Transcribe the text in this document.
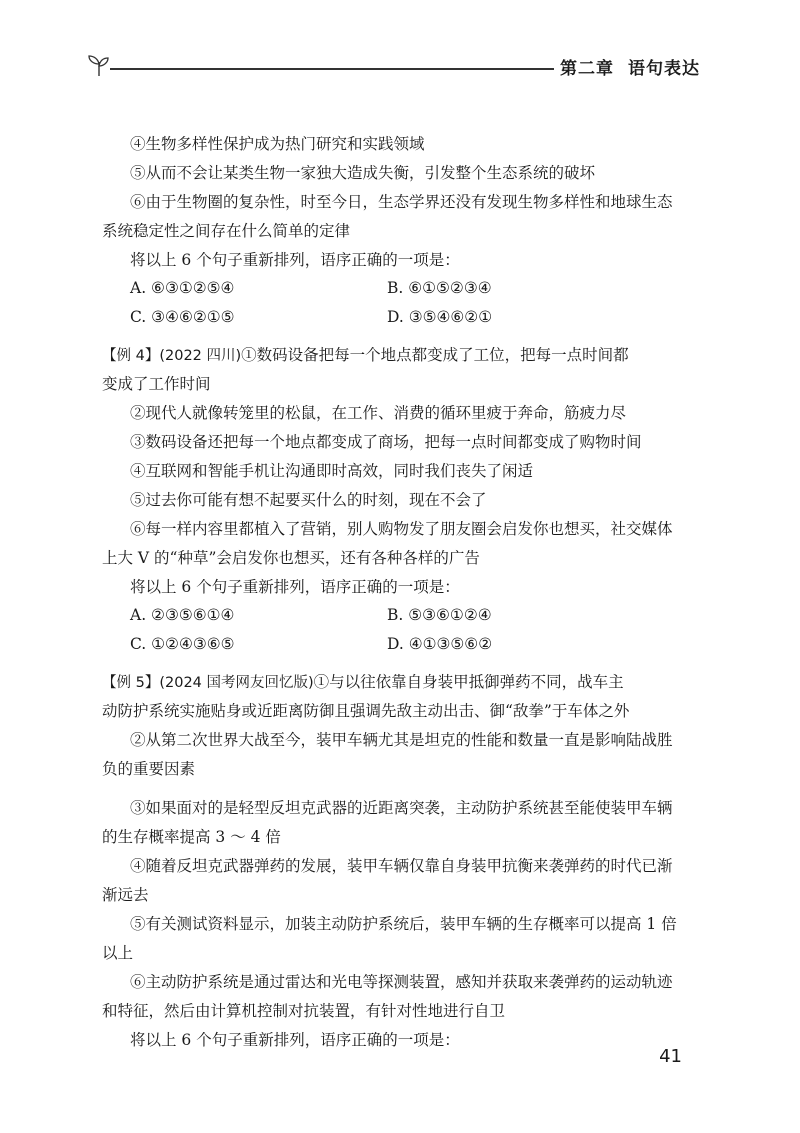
第二章 语句表达
④生物多样性保护成为热门研究和实践领域
⑤从而不会让某类生物一家独大造成失衡，引发整个生态系统的破坏
⑥由于生物圈的复杂性，时至今日，生态学界还没有发现生物多样性和地球生态
系统稳定性之间存在什么简单的定律
将以上 6 个句子重新排列，语序正确的一项是：
A. ⑥③①②⑤④	B. ⑥①⑤②③④
C. ③④⑥②①⑤	D. ③⑤④⑥②①
【例 4】(2022 四川)①数码设备把每一个地点都变成了工位，把每一点时间都
变成了工作时间
②现代人就像转笼里的松鼠，在工作、消费的循环里疲于奔命，筋疲力尽
③数码设备还把每一个地点都变成了商场，把每一点时间都变成了购物时间
④互联网和智能手机让沟通即时高效，同时我们丧失了闲适
⑤过去你可能有想不起要买什么的时刻，现在不会了
⑥每一样内容里都植入了营销，别人购物发了朋友圈会启发你也想买，社交媒体
上大 V 的“种草”会启发你也想买，还有各种各样的广告
将以上 6 个句子重新排列，语序正确的一项是：
A. ②③⑤⑥①④	B. ⑤③⑥①②④
C. ①②④③⑥⑤	D. ④①③⑤⑥②
【例 5】(2024 国考网友回忆版)①与以往依靠自身装甲抵御弹药不同，战车主
动防护系统实施贴身或近距离防御且强调先敌主动出击、御“敌拳”于车体之外
②从第二次世界大战至今，装甲车辆尤其是坦克的性能和数量一直是影响陆战胜
负的重要因素
③如果面对的是轻型反坦克武器的近距离突袭，主动防护系统甚至能使装甲车辆
的生存概率提高 3 ～ 4 倍
④随着反坦克武器弹药的发展，装甲车辆仅靠自身装甲抗衡来袭弹药的时代已渐
渐远去
⑤有关测试资料显示，加装主动防护系统后，装甲车辆的生存概率可以提高 1 倍
以上
⑥主动防护系统是通过雷达和光电等探测装置，感知并获取来袭弹药的运动轨迹
和特征，然后由计算机控制对抗装置，有针对性地进行自卫
将以上 6 个句子重新排列，语序正确的一项是：
41
